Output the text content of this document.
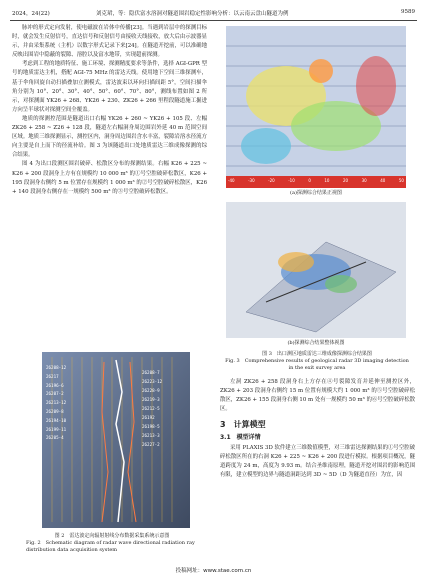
2024，24(22)	刘克珺，等：隐伏富水溶洞对隧道围岩稳定性影响分析：以云南云盘山隧道为例	9589

脉冲的形式定向发射，使电磁波在岩体中传播[23]。当遇到岩层中的探测目标时，就会发生反射信号，直达信号和反射信号由接收天线接收，放大后由示波器显示，并由采集系统（主机）以数字形式记录下来[24]。在隧道开挖前，可以准确地反映出围岩中隐蔽的裂隙、溶腔以及富水地带，实现超前探测。

考虑到工程的地质特征、施工环境、探测精度要求等条件，选择 AGI-GPR 型号的地质雷达主机，搭配 AGI-75 MHz 的雷达天线。使用地下空间三维探测车，基于伞角回旋自动扫描叠加立测模式，雷达波束以环向扫描间距 5°，空间扫描伞角分别为 10°、20°、30°、40°、50°、60°、70°、80°，测线布置如图 2 所示，对探测面 YK26 + 268、YK26 + 230、ZK26 + 266 里程段隧道施工掘进方向呈半球状对探测空间全覆盖。

地质的探测控范围是隧道出口右幅 YK26 + 260 ~ YK26 + 105 段、左幅 ZK26 + 258 ~ Z26 + 128 段，隧道左右幅洞身周边围岩外延 40 m 范围空间区域。地质三维探测显示，测控区内，洞身周边围岩含水丰富，裂隙岩溶水径流方向主要是自上而下的径流补给。图 3 为该隧道出口处地质雷达三维成像探测的综合结果。

图 4 为出口段测区围岩破碎、松散区分布的探测结果。右幅 K26 + 225 ~ K26 + 200 段洞身上方有在规模约 10 000 m³ 的①号空腔破碎松散区，K26 + 195 段洞身右侧约 5 m 位置存在规模约 1 000 m³ 的②号空腔破碎松散区，K26 + 140 段洞身右侧存在一规模约 500 m³ 的③号空腔破碎松散区。

26208-12
26217
26196-6
26207-2
26213-12
26209-8
26194-10
26199-11
26205-4
26208-7
26223-12
26228-9
26219-3
26212-5
26192
26198-5
26213-3
26227-2
图 2　雷达波定向辐射射线分布数据采集系统示意图
Fig. 2　Schematic diagram of radar wave directional radiation ray distribution data acquisition system
-40	-30	-20	-10	0	10	20	30	40	50
(a)探测综合结果正视图
(b)探测综合结果整体视图
图 3　出口测区地质雷达三维成像探测综合结果图
Fig. 3　Comprehensive results of geological radar 3D imaging detection in the exit survey area

左洞 ZK26 + 258 段洞身右上方存在④号裂隙发育并延伸至测控区外，ZK26 + 203 段洞身右侧约 15 m 位置有规模大约 1 000 m³ 的⑤号空腔破碎松散区，ZK26 + 155 段洞身右侧 10 m 处有一规模约 50 m³ 的⑥号空腔破碎松散区。

3　计算模型
3.1　模型详情

采用 PLAXIS 3D 软件建立三维数值模型，对三维雷达探测结果的①号空腔破碎松散区所在的右洞 K26 + 225 ~ K26 + 200 段进行模拟。根据项目概况，隧道跨度为 24 m，高度为 9.93 m。结合圣维南原理，隧道开挖对围岩的影响范围有限，建立模型的边界与隧道洞距达到 3D ~ 5D（D 为隧道直径）为宜，因

投稿网址：www.stae.com.cn
